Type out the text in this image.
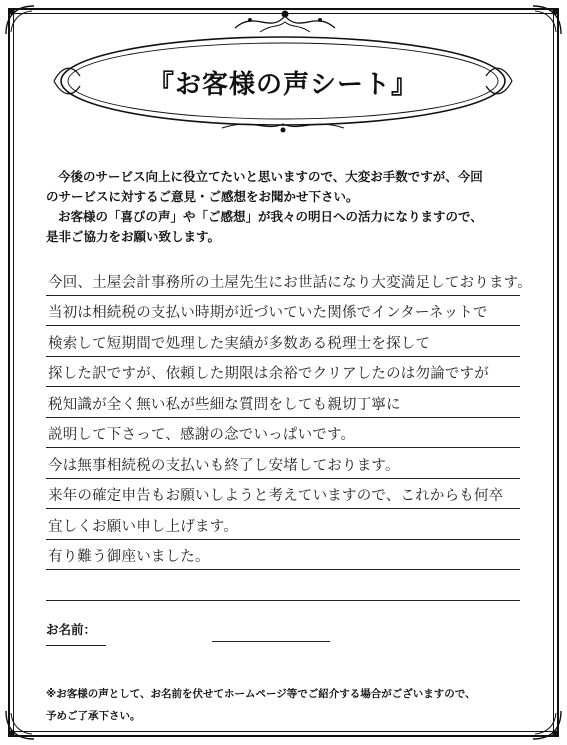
『お客様の声シート』

今後のサービス向上に役立てたいと思いますので、大変お手数ですが、今回

のサービスに対するご意見・ご感想をお聞かせ下さい。

お客様の「喜びの声」や「ご感想」が我々の明日への活力になりますので、

是非ご協力をお願い致します。

今回、土屋会計事務所の土屋先生にお世話になり大変満足しております。
当初は相続税の支払い時期が近づいていた関係でインターネットで
検索して短期間で処理した実績が多数ある税理士を探して
探した訳ですが、依頼した期限は余裕でクリアしたのは勿論ですが
税知識が全く無い私が些細な質問をしても親切丁寧に
説明して下さって、感謝の念でいっぱいです。
今は無事相続税の支払いも終了し安堵しております。
来年の確定申告もお願いしようと考えていますので、これからも何卒
宜しくお願い申し上げます。
有り難う御座いました。
お名前：

※お客様の声として、お名前を伏せてホームページ等でご紹介する場合がございますので、

予めご了承下さい。
